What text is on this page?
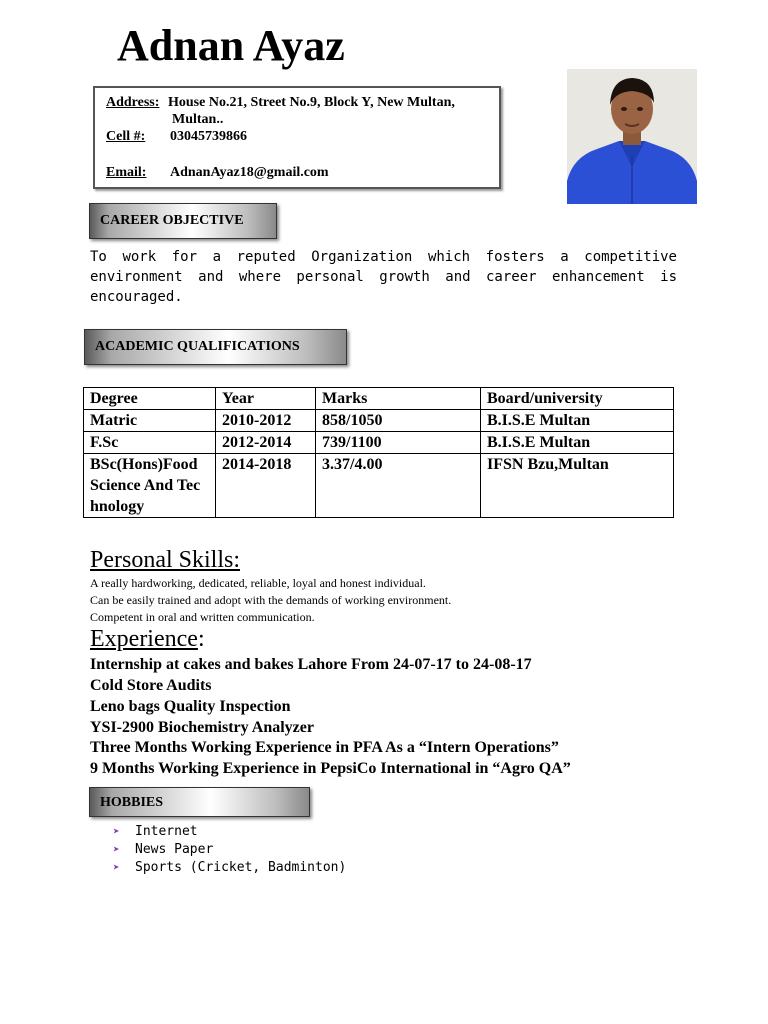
Adnan Ayaz
Address: House No.21, Street No.9, Block Y, New Multan,
Multan..
Cell #: 03045739866
Email: AdnanAyaz18@gmail.com
CAREER OBJECTIVE
To work for a reputed Organization which fosters a competitive environment and where personal growth and career enhancement is encouraged.
ACADEMIC QUALIFICATIONS
Degree	Year	Marks	Board/university
Matric	2010-2012	858/1050	B.I.S.E Multan
F.Sc	2012-2014	739/1100	B.I.S.E Multan
BSc(Hons)Food Science And Technology	2014-2018	3.37/4.00	IFSN Bzu,Multan
Personal Skills:
A really hardworking, dedicated, reliable, loyal and honest individual.
Can be easily trained and adopt with the demands of working environment.
Competent in oral and written communication.
Experience:
Internship at cakes and bakes Lahore From 24-07-17 to 24-08-17
Cold Store Audits
Leno bags Quality Inspection
YSI-2900 Biochemistry Analyzer
Three Months Working Experience in PFA As a “Intern Operations”
9 Months Working Experience in PepsiCo International in “Agro QA”
HOBBIES
➤ Internet
➤ News Paper
➤ Sports (Cricket, Badminton)
